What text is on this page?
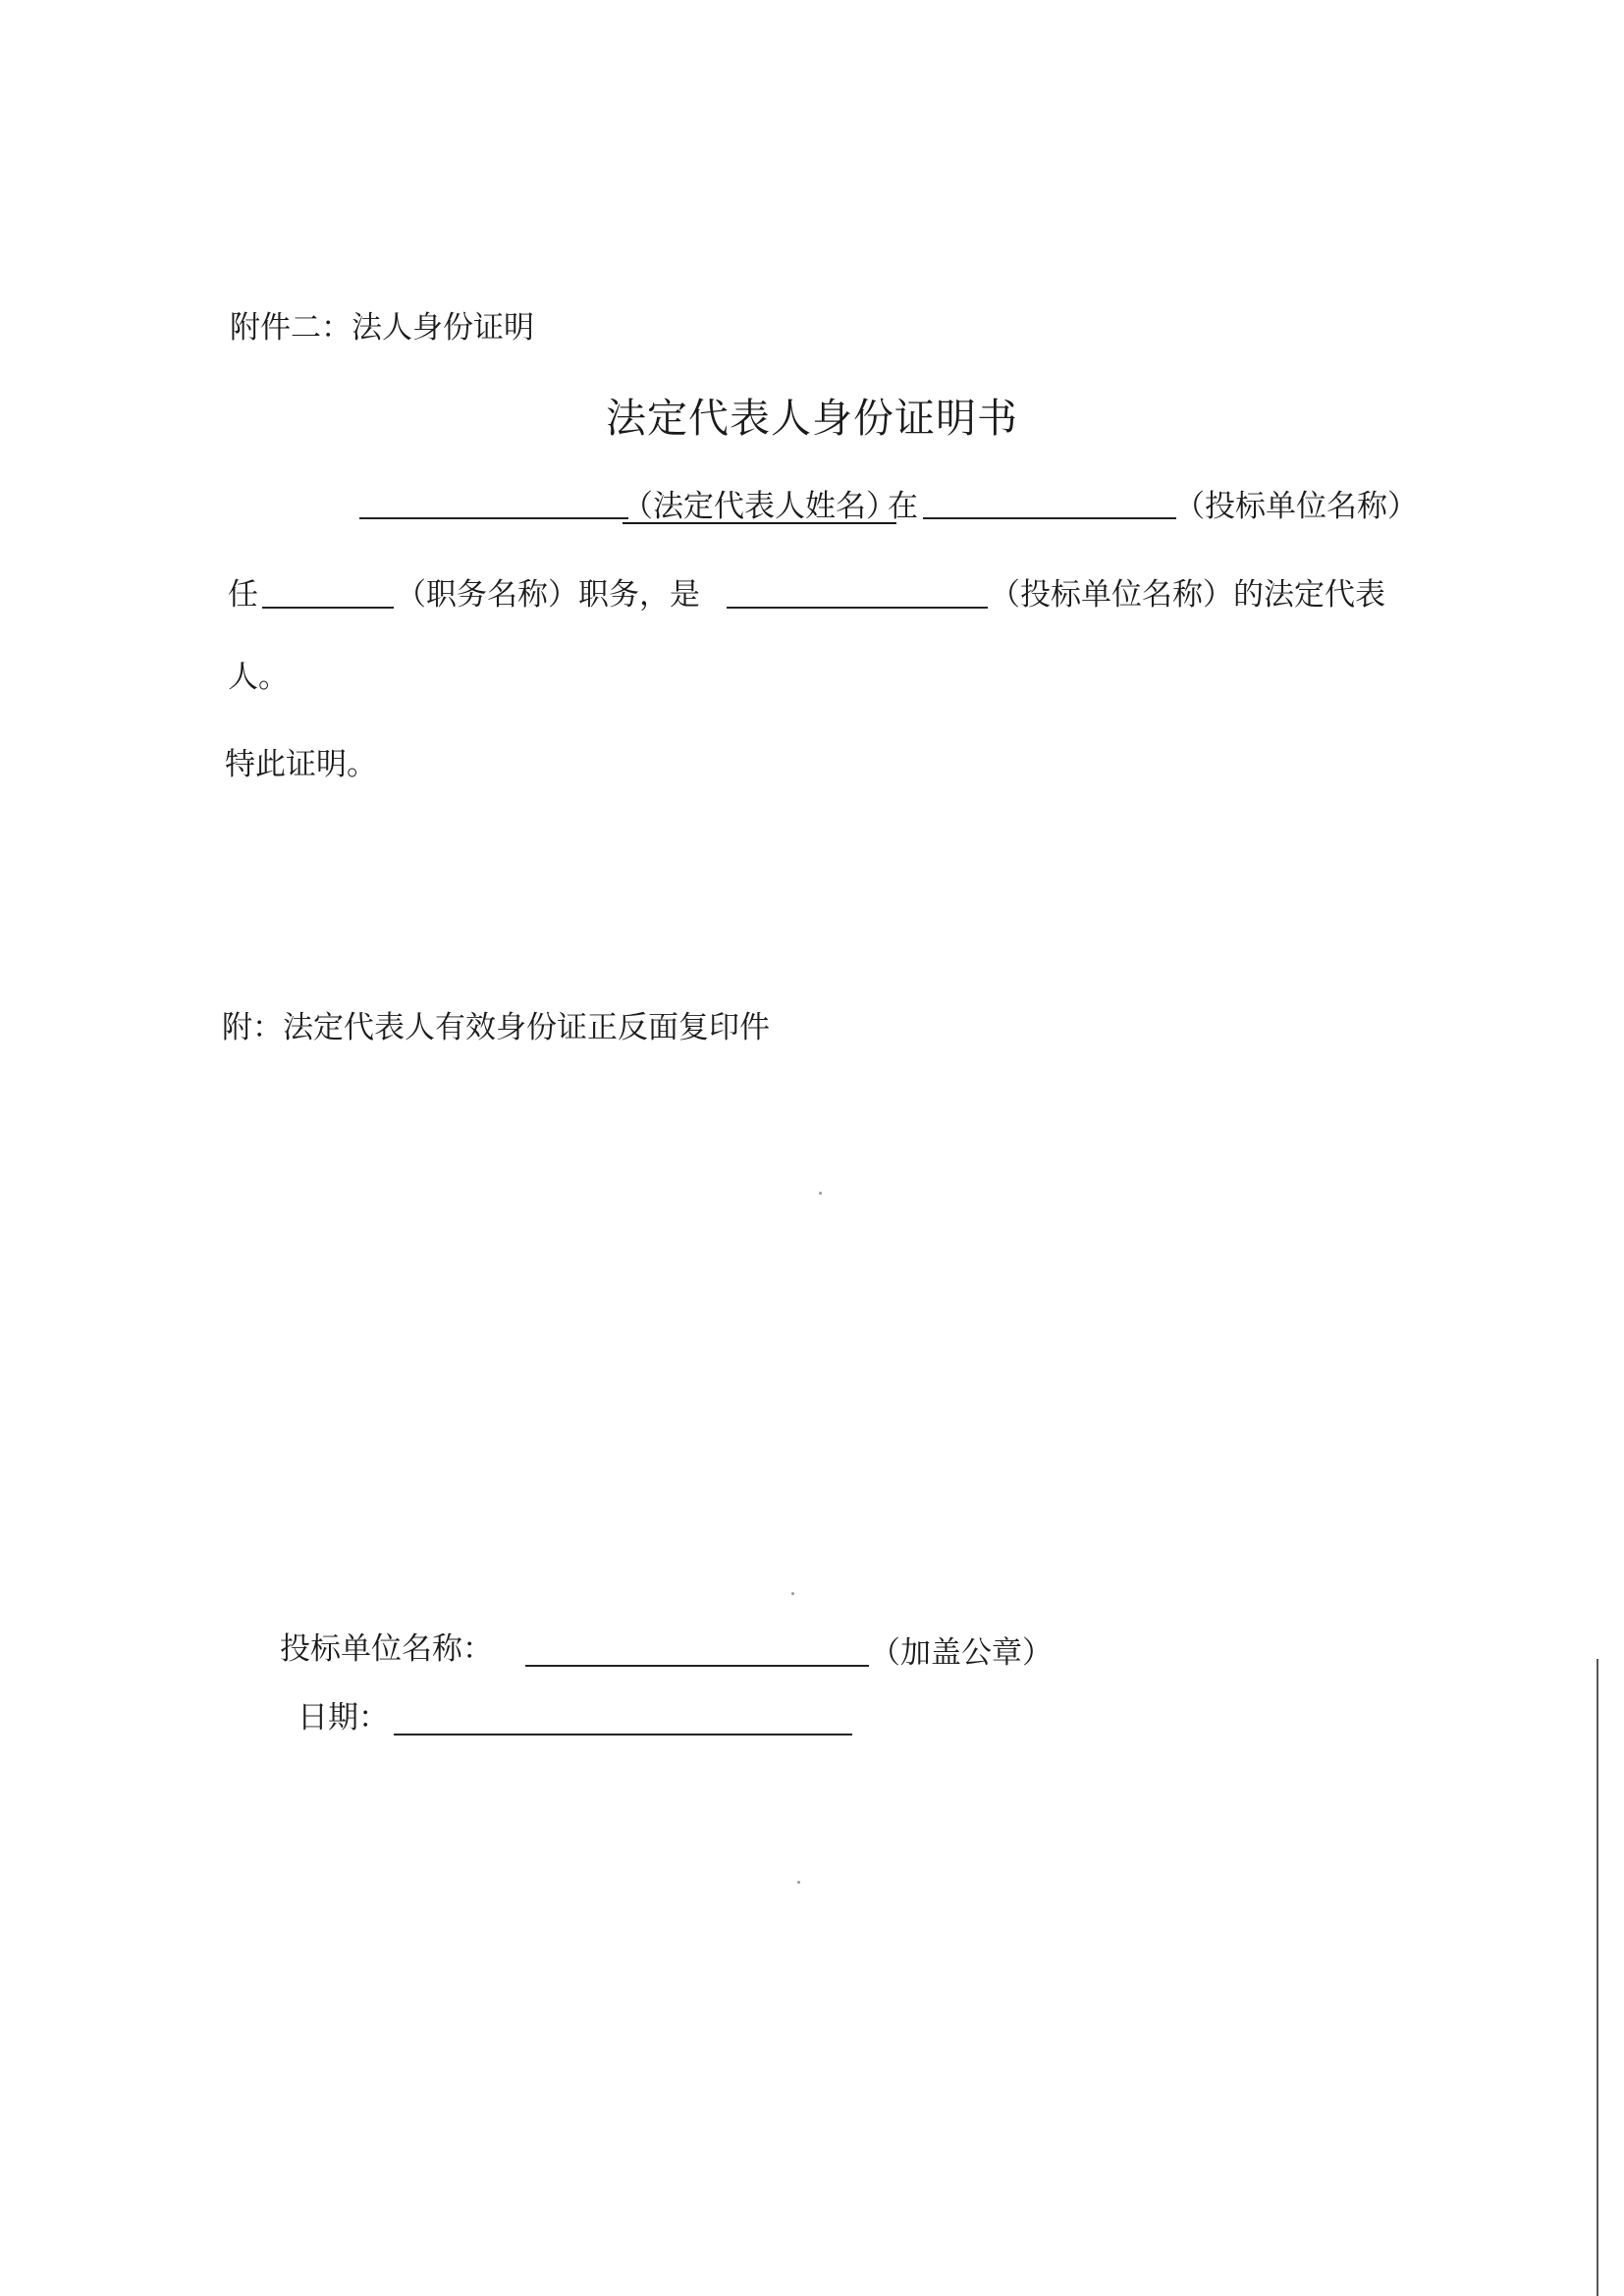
附件二：法人身份证明
法定代表人身份证明书
（法定代表人姓名）
在	（投标单位名称）
任	（职务名称）职务，是	（投标单位名称）的法定代表
人。
特此证明。
附：法定代表人有效身份证正反面复印件
投标单位名称：	（加盖公章）
日期：
